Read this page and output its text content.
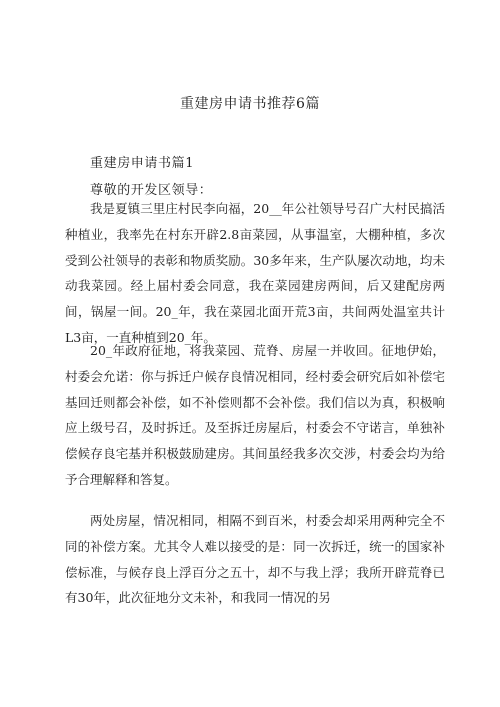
重建房申请书推荐6篇
重建房申请书篇1
尊敬的开发区领导：

我是夏镇三里庄村民李向福，20__年公社领导号召广大村民搞活种植业，我率先在村东开辟2.8亩菜园，从事温室，大棚种植，多次受到公社领导的表彰和物质奖励。30多年来，生产队屡次动地，均未动我菜园。经上届村委会同意，我在菜园建房两间，后又建配房两间，锅屋一间。20_年，我在菜园北面开荒3亩，共间两处温室共计L3亩，一直种植到20_年。

20_年政府征地，将我菜园、荒脊、房屋一并收回。征地伊始，村委会允诺：你与拆迁户候存良情况相同，经村委会研究后如补偿宅基回迁则都会补偿，如不补偿则都不会补偿。我们信以为真，积极响应上级号召，及时拆迁。及至拆迁房屋后，村委会不守诺言，单独补偿候存良宅基并积极鼓励建房。其间虽经我多次交涉，村委会均为给予合理解释和答复。

两处房屋，情况相同，相隔不到百米，村委会却采用两种完全不同的补偿方案。尤其令人难以接受的是：同一次拆迁，统一的国家补偿标准，与候存良上浮百分之五十，却不与我上浮；我所开辟荒脊已有30年，此次征地分文未补，和我同一情况的另
